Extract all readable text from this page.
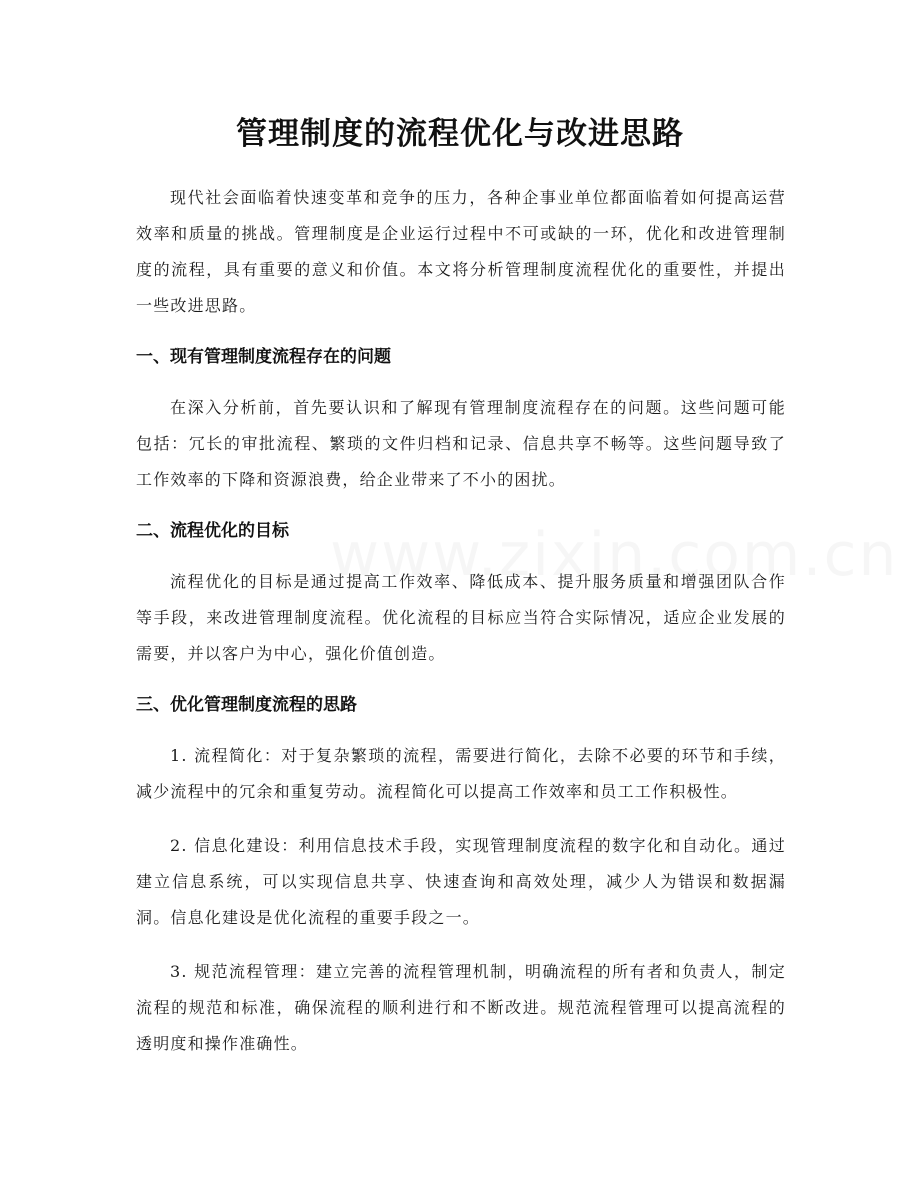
管理制度的流程优化与改进思路

现代社会面临着快速变革和竞争的压力，各种企事业单位都面临着如何提高运营效率和质量的挑战。管理制度是企业运行过程中不可或缺的一环，优化和改进管理制度的流程，具有重要的意义和价值。本文将分析管理制度流程优化的重要性，并提出一些改进思路。

一、现有管理制度流程存在的问题

在深入分析前，首先要认识和了解现有管理制度流程存在的问题。这些问题可能包括：冗长的审批流程、繁琐的文件归档和记录、信息共享不畅等。这些问题导致了工作效率的下降和资源浪费，给企业带来了不小的困扰。

二、流程优化的目标

流程优化的目标是通过提高工作效率、降低成本、提升服务质量和增强团队合作等手段，来改进管理制度流程。优化流程的目标应当符合实际情况，适应企业发展的需要，并以客户为中心，强化价值创造。

三、优化管理制度流程的思路

1. 流程简化：对于复杂繁琐的流程，需要进行简化，去除不必要的环节和手续，减少流程中的冗余和重复劳动。流程简化可以提高工作效率和员工工作积极性。

2. 信息化建设：利用信息技术手段，实现管理制度流程的数字化和自动化。通过建立信息系统，可以实现信息共享、快速查询和高效处理，减少人为错误和数据漏洞。信息化建设是优化流程的重要手段之一。

3. 规范流程管理：建立完善的流程管理机制，明确流程的所有者和负责人，制定流程的规范和标准，确保流程的顺利进行和不断改进。规范流程管理可以提高流程的透明度和操作准确性。
